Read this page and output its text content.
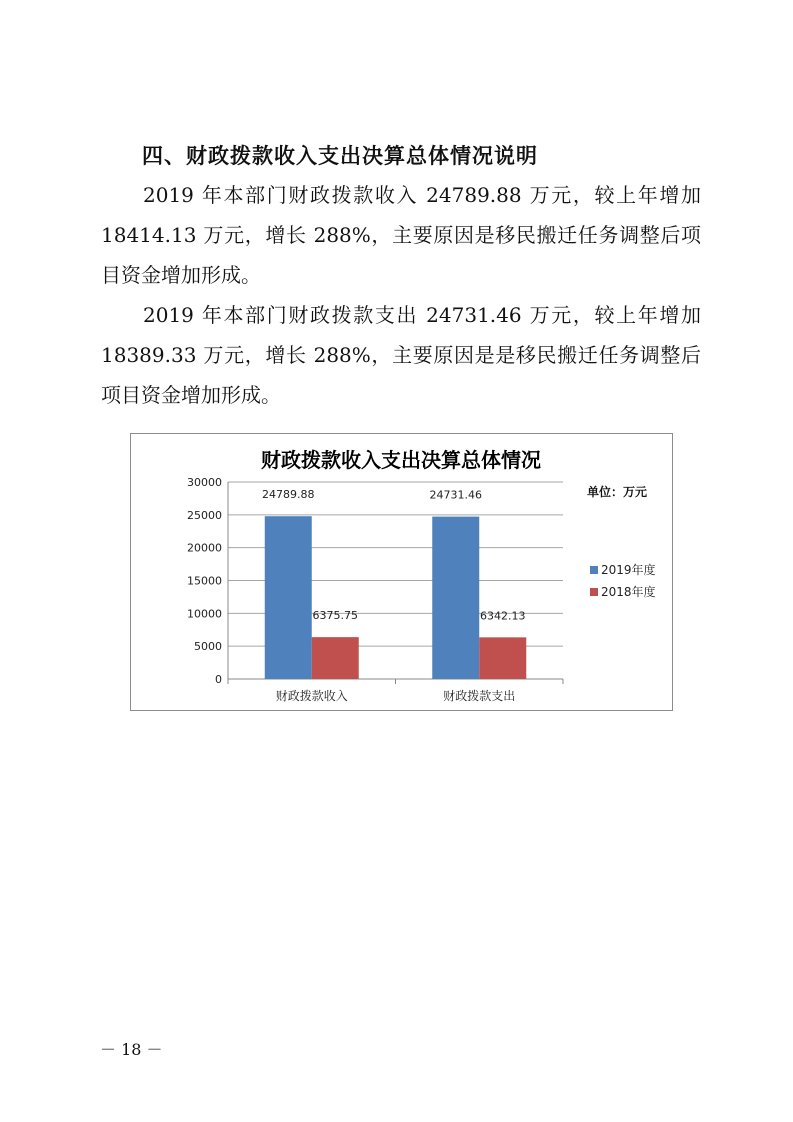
四、财政拨款收入支出决算总体情况说明
2019 年本部门财政拨款收入 24789.88 万元，较上年增加 18414.13 万元，增长 288%，主要原因是移民搬迁任务调整后项目资金增加形成。
2019 年本部门财政拨款支出 24731.46 万元，较上年增加 18389.33 万元，增长 288%，主要原因是是移民搬迁任务调整后项目资金增加形成。
财政拨款收入支出决算总体情况
0
5000
10000
15000
20000
25000
30000
24789.88
6375.75
财政拨款收入
24731.46
6342.13
财政拨款支出
单位：万元
2019年度
2018年度
－ 18 －
